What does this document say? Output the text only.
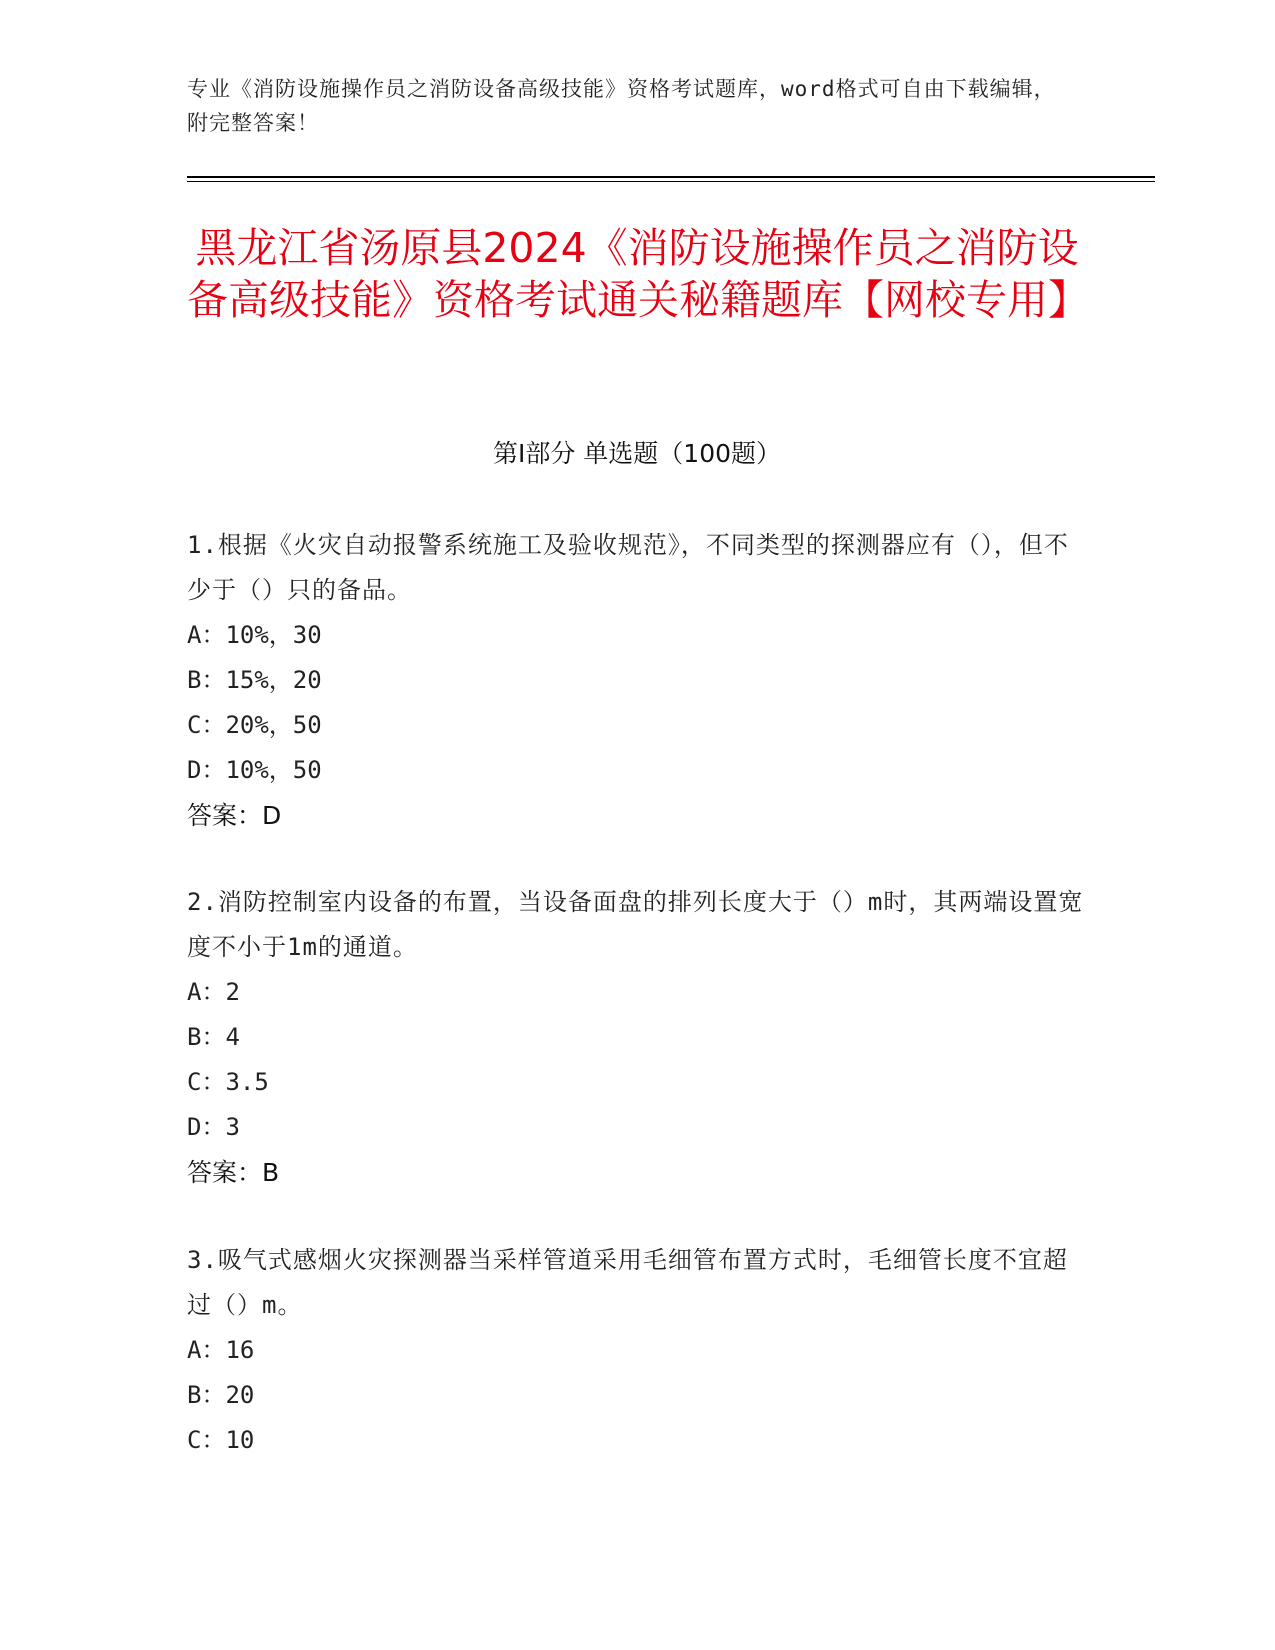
专业《消防设施操作员之消防设备高级技能》资格考试题库，word格式可自由下载编辑，附完整答案！
黑龙江省汤原县2024《消防设施操作员之消防设备高级技能》资格考试通关秘籍题库【网校专用】
第I部分 单选题（100题）
1.根据《火灾自动报警系统施工及验收规范》，不同类型的探测器应有（），但不少于（）只的备品。
A：10%，30
B：15%，20
C：20%，50
D：10%，50
答案：D
2.消防控制室内设备的布置，当设备面盘的排列长度大于（）m时，其两端设置宽度不小于1m的通道。
A：2
B：4
C：3.5
D：3
答案：B
3.吸气式感烟火灾探测器当采样管道采用毛细管布置方式时，毛细管长度不宜超过（）m。
A：16
B：20
C：10
